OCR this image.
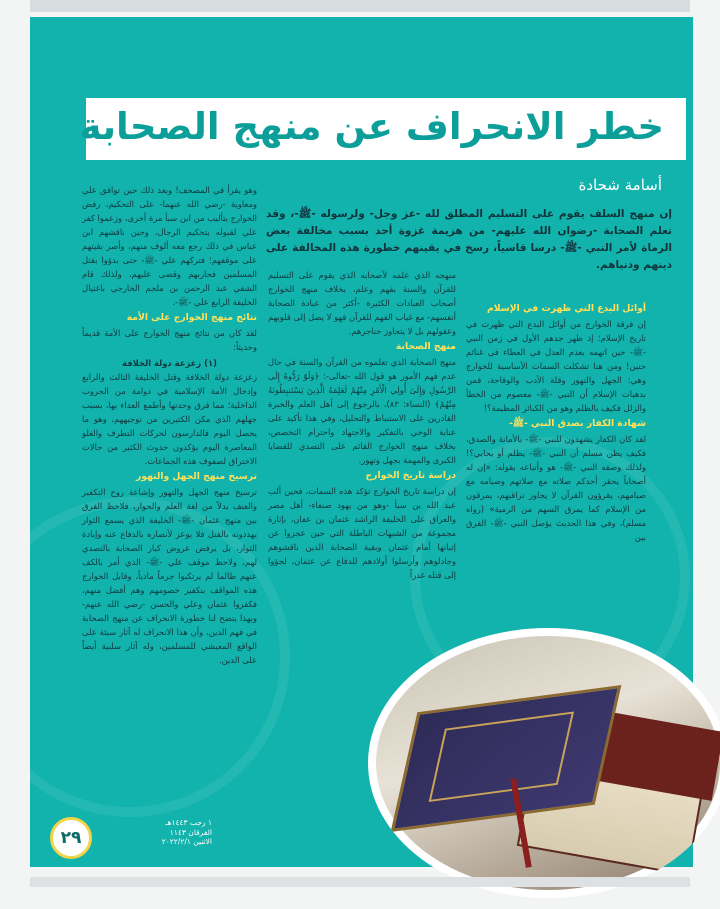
خطر الانحراف عن منهج الصحابة
أسامة شحادة

إن منهج السلف يقوم على التسليم المطلق لله -عز وجل- ولرسوله -ﷺ-، وقد تعلم الصحابة -رضوان الله عليهم- من هزيمة غزوة أحد بسبب مخالفة بعض الرماة لأمر النبي -ﷺ- درسا قاسياً، رسخ في يقينهم خطورة هذه المخالفة على دينهم ودنياهم.

أوائل البدع التي ظهرت في الإسلام

إن فرقة الخوارج من أوائل البدع التي ظهرت في تاريخ الإسلام؛ إذ ظهر جدهم الأول في زمن النبي -ﷺ- حين اتهمه بعدم العدل في العطاء في غنائم حنين! ومن هنا تشكلت السمات الأساسية للخوارج وهي: الجهل والتهور وقلة الأدب والوقاحة، فمن بدهيات الإسلام أن النبي -ﷺ- معصوم من الخطأ والزلل فكيف بالظلم وهو من الكبائر المظيمة؟!

شهادة الكفار بصدق النبي -ﷺ-

لقد كان الكفار يشهدون للنبي -ﷺ- بالأمانة والصدق، فكيف يظن مسلم أن النبي -ﷺ- يظلم أو يحابي؟! ولذلك وصفه النبي -ﷺ- هو وأتباعه بقوله: «إن له أصحاباً يحقر أحدكم صلاته مع صلاتهم وصيامه مع صيامهم، يقرؤون القرآن لا يجاوز تراقيهم، يمرقون من الإسلام كما يمرق السهم من الرمية» (رواه مسلم)، وفي هذا الحديث يؤصل النبي -ﷺ- الفرق بين

منهجه الذي علمه لأصحابه الذي يقوم على التسليم للقرآن والسنة بفهم وعلم، بخلاف منهج الخوارج أصحاب العبادات الكثيرة -أكثر من عبادة الصحابة أنفسهم- مع غياب الفهم للقرآن فهو لا يصل إلى قلوبهم وعقولهم بل لا يتجاوز حناجرهم.

منهج الصحابة

منهج الصحابة الذي تعلموه من القرآن والسنة في حال عدم فهم الأمور هو قول الله -تعالى-: ﴿وَلَوْ رَدُّوهُ إِلَى الرَّسُولِ وَإِلَىٰ أُولِي الْأَمْرِ مِنْهُمْ لَعَلِمَهُ الَّذِينَ يَسْتَنبِطُونَهُ مِنْهُمْ﴾ (النساء: ٨٣)، بالرجوع إلى أهل العلم والخبرة القادرين على الاستنباط والتحليل، وفي هذا تأكيد على عناية الوحي بالتفكير والاجتهاد واحترام التخصص، بخلاف منهج الخوارج القائم على التصدي للقضايا الكبرى والمهمة بجهل وتهور.

دراسة تاريخ الخوارج

إن دراسة تاريخ الخوارج تؤكد هذه السمات، فحين ألب عبد الله بن سبأ -وهو من يهود صنعاء- أهل مصر والعراق على الخليفة الراشد عثمان بن عفان، بإثارة مجموعة من الشبهات الباطلة التي حين عجزوا عن إثباتها أمام عثمان وبقية الصحابة الذين ناقشوهم وجادلوهم وأرسلوا أولادهم للدفاع عن عثمان، لجؤوا إلى قتله غدراً

وهو يقرأ في المصحف! وبعد ذلك حين توافق علي ومعاوية -رضي الله عنهما- على التحكيم، رفض الخوارج بتأليب من ابن سبأ مرة أخرى، وزعموا كفر علي لقبوله بتحكيم الرجال، وحين ناقشهم ابن عباس في ذلك رجع معه ألوف منهم، وأصر بقيتهم على موقفهم؛ فتركهم علي -ﷺ- حتى بدؤوا بقتل المسلمين فحاربهم وقضى عليهم، ولذلك قام الشقي عبد الرحمن بن ملجم الخارجي باغتيال الخليفة الرابع علي -ﷺ-.

نتائج منهج الخوارج على الأمة

لقد كان من نتائج منهج الخوارج على الأمة قديماً وحديثاً:

(١) زعزعة دولة الخلافة

زعزعة دولة الخلافة وقتل الخليفة الثالث والرابع وإدخال الأمة الإسلامية في دوامة من الحروب الداخلية؛ مما فرق وحدتها وأطمع العداء بها، بسبب جهلهم الذي مكن الكثيرين من توجيههم، وهو ما يحصل اليوم فالدارسون لحركات التطرف والغلو المعاصرة اليوم يؤكدون حدوث الكثير من حالات الاختراق لصفوف هذه الجماعات.

ترسيخ منهج الجهل والتهور

ترسيخ منهج الجهل والتهور وإشاعة روح التكفير والعنف بدلاً من لغة العلم والحوار، فلاحظ الفرق بين منهج عثمان -ﷺ- الخليفة الذي يسمع الثوار يهددونه بالقتل فلا يوعز لأنصاره بالدفاع عنه وإبادة الثوار، بل يرفض عروض كبار الصحابة بالتصدي لهم، ولاحظ موقف علي -ﷺ- الذي أمر بالكف عنهم طالما لم يرتكبوا جرماً مادياً، وقابل الخوارج هذه المواقف بتكفير خصومهم وهم أفضل منهم، فكفروا عثمان وعلي والحسن -رضي الله عنهم- وبهذا يتضح لنا خطورة الانحراف عن منهج الصحابة في فهم الدين، وأن هذا الانحراف له آثار سيئة على الواقع المعيشي للمسلمين، وله آثار سلبية أيضاً على الدين.

٢٩
١ رجب ١٤٤٣هـ
الفرقان ١١٤٣
الاثنين ٢٠٢٢/٢/١
